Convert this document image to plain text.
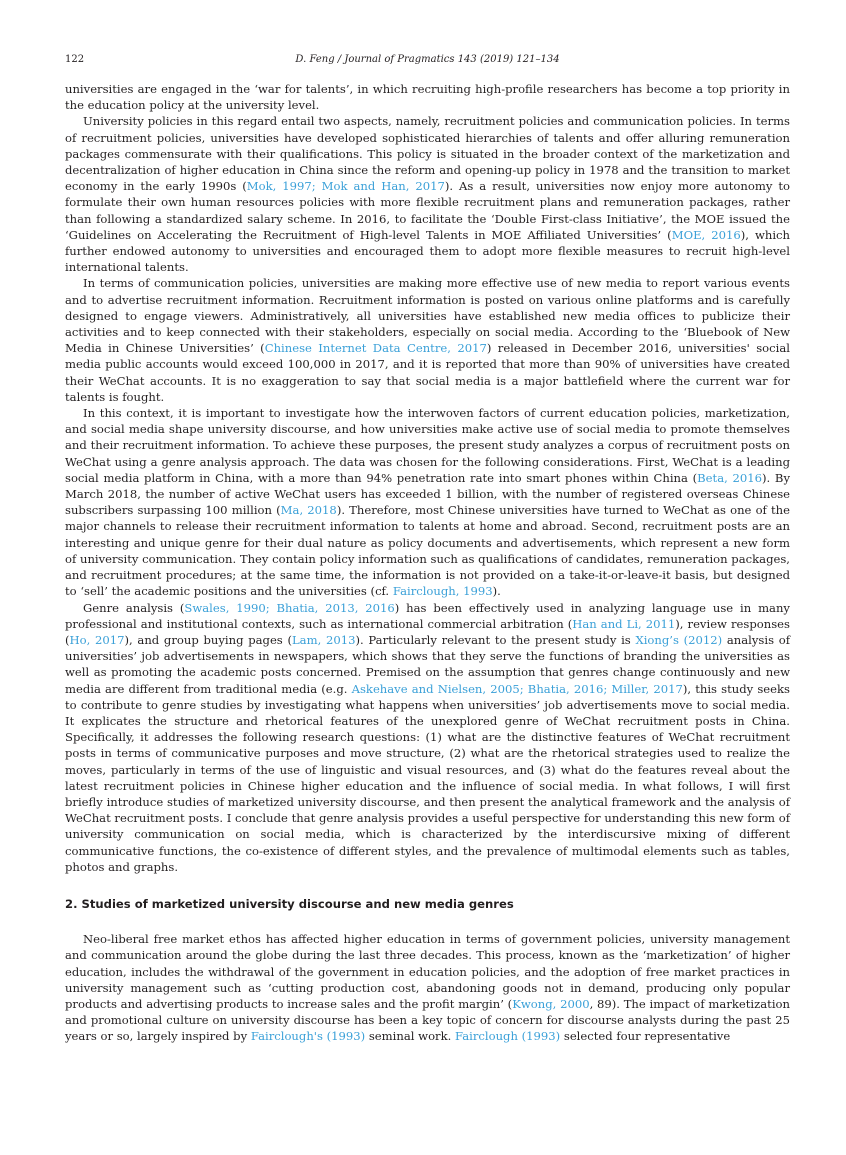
122	D. Feng / Journal of Pragmatics 143 (2019) 121–134

universities are engaged in the ‘war for talents’, in which recruiting high-profile researchers has become a top priority in the education policy at the university level.

University policies in this regard entail two aspects, namely, recruitment policies and communication policies. In terms of recruitment policies, universities have developed sophisticated hierarchies of talents and offer alluring remuneration packages commensurate with their qualifications. This policy is situated in the broader context of the marketization and decentralization of higher education in China since the reform and opening-up policy in 1978 and the transition to market economy in the early 1990s (Mok, 1997; Mok and Han, 2017). As a result, universities now enjoy more autonomy to formulate their own human resources policies with more flexible recruitment plans and remuneration packages, rather than following a standardized salary scheme. In 2016, to facilitate the ‘Double First-class Initiative’, the MOE issued the ‘Guidelines on Accelerating the Recruitment of High-level Talents in MOE Affiliated Universities’ (MOE, 2016), which further endowed autonomy to universities and encouraged them to adopt more flexible measures to recruit high-level international talents.

In terms of communication policies, universities are making more effective use of new media to report various events and to advertise recruitment information. Recruitment information is posted on various online platforms and is carefully designed to engage viewers. Administratively, all universities have established new media offices to publicize their activities and to keep connected with their stakeholders, especially on social media. According to the ‘Bluebook of New Media in Chinese Universities’ (Chinese Internet Data Centre, 2017) released in December 2016, universities' social media public accounts would exceed 100,000 in 2017, and it is reported that more than 90% of universities have created their WeChat accounts. It is no exaggeration to say that social media is a major battlefield where the current war for talents is fought.

In this context, it is important to investigate how the interwoven factors of current education policies, marketization, and social media shape university discourse, and how universities make active use of social media to promote themselves and their recruitment information. To achieve these purposes, the present study analyzes a corpus of recruitment posts on WeChat using a genre analysis approach. The data was chosen for the following considerations. First, WeChat is a leading social media platform in China, with a more than 94% penetration rate into smart phones within China (Beta, 2016). By March 2018, the number of active WeChat users has exceeded 1 billion, with the number of registered overseas Chinese subscribers surpassing 100 million (Ma, 2018). Therefore, most Chinese universities have turned to WeChat as one of the major channels to release their recruitment information to talents at home and abroad. Second, recruitment posts are an interesting and unique genre for their dual nature as policy documents and advertisements, which represent a new form of university communication. They contain policy information such as qualifications of candidates, remuneration packages, and recruitment procedures; at the same time, the information is not provided on a take-it-or-leave-it basis, but designed to ‘sell’ the academic positions and the universities (cf. Fairclough, 1993).

Genre analysis (Swales, 1990; Bhatia, 2013, 2016) has been effectively used in analyzing language use in many professional and institutional contexts, such as international commercial arbitration (Han and Li, 2011), review responses (Ho, 2017), and group buying pages (Lam, 2013). Particularly relevant to the present study is Xiong’s (2012) analysis of universities’ job advertisements in newspapers, which shows that they serve the functions of branding the universities as well as promoting the academic posts concerned. Premised on the assumption that genres change continuously and new media are different from traditional media (e.g. Askehave and Nielsen, 2005; Bhatia, 2016; Miller, 2017), this study seeks to contribute to genre studies by investigating what happens when universities’ job advertisements move to social media. It explicates the structure and rhetorical features of the unexplored genre of WeChat recruitment posts in China. Specifically, it addresses the following research questions: (1) what are the distinctive features of WeChat recruitment posts in terms of communicative purposes and move structure, (2) what are the rhetorical strategies used to realize the moves, particularly in terms of the use of linguistic and visual resources, and (3) what do the features reveal about the latest recruitment policies in Chinese higher education and the influence of social media. In what follows, I will first briefly introduce studies of marketized university discourse, and then present the analytical framework and the analysis of WeChat recruitment posts. I conclude that genre analysis provides a useful perspective for understanding this new form of university communication on social media, which is characterized by the interdiscursive mixing of different communicative functions, the co-existence of different styles, and the prevalence of multimodal elements such as tables, photos and graphs.

2. Studies of marketized university discourse and new media genres

Neo-liberal free market ethos has affected higher education in terms of government policies, university management and communication around the globe during the last three decades. This process, known as the ‘marketization’ of higher education, includes the withdrawal of the government in education policies, and the adoption of free market practices in university management such as ‘cutting production cost, abandoning goods not in demand, producing only popular products and advertising products to increase sales and the profit margin’ (Kwong, 2000, 89). The impact of marketization and promotional culture on university discourse has been a key topic of concern for discourse analysts during the past 25 years or so, largely inspired by Fairclough's (1993) seminal work. Fairclough (1993) selected four representative
